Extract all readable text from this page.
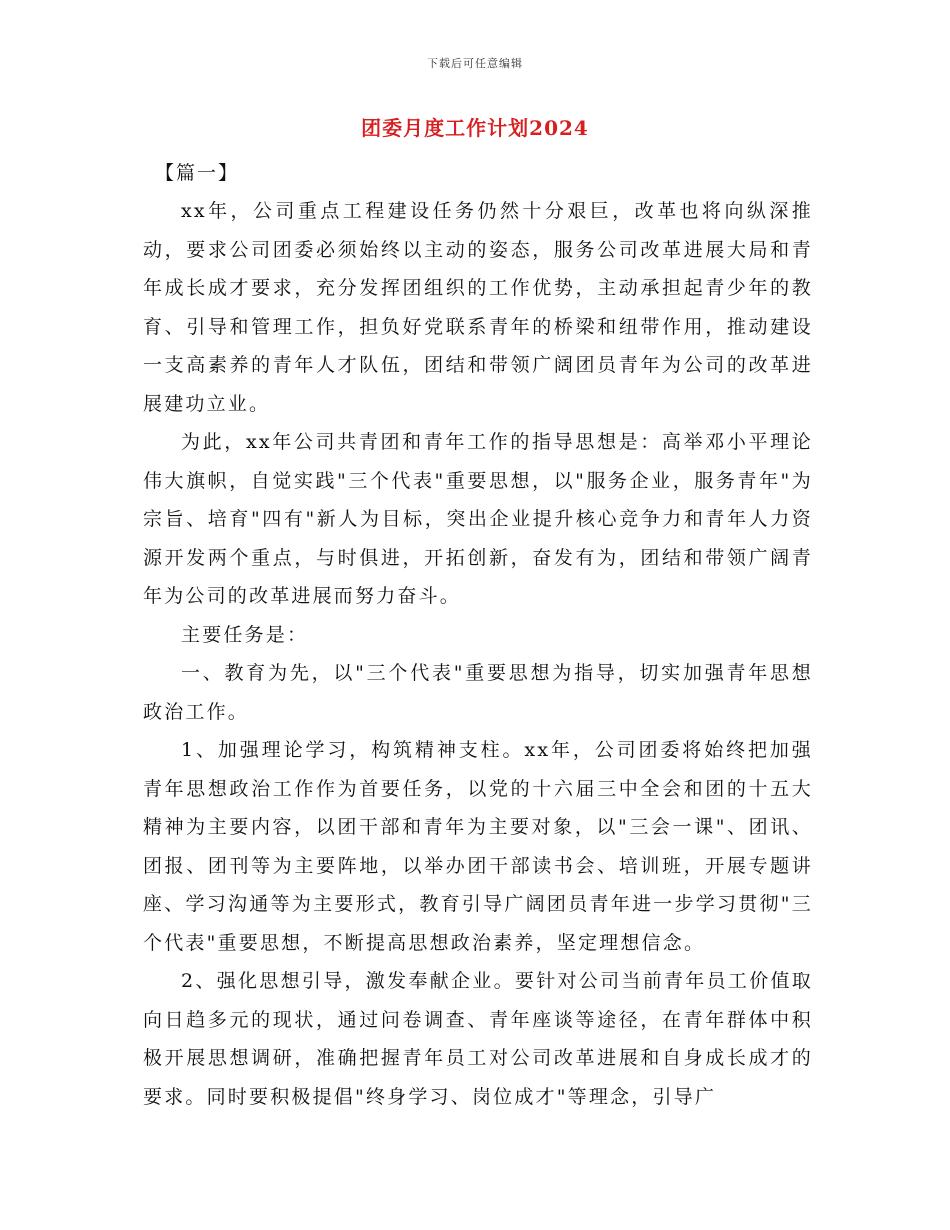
下载后可任意编辑
团委月度工作计划2024
【篇一】

xx年，公司重点工程建设任务仍然十分艰巨，改革也将向纵深推动，要求公司团委必须始终以主动的姿态，服务公司改革进展大局和青年成长成才要求，充分发挥团组织的工作优势，主动承担起青少年的教育、引导和管理工作，担负好党联系青年的桥梁和纽带作用，推动建设一支高素养的青年人才队伍，团结和带领广阔团员青年为公司的改革进展建功立业。

为此，xx年公司共青团和青年工作的指导思想是：高举邓小平理论伟大旗帜，自觉实践"三个代表"重要思想，以"服务企业，服务青年"为宗旨、培育"四有"新人为目标，突出企业提升核心竞争力和青年人力资源开发两个重点，与时俱进，开拓创新，奋发有为，团结和带领广阔青年为公司的改革进展而努力奋斗。

主要任务是：

一、教育为先，以"三个代表"重要思想为指导，切实加强青年思想政治工作。

1、加强理论学习，构筑精神支柱。xx年，公司团委将始终把加强青年思想政治工作作为首要任务，以党的十六届三中全会和团的十五大精神为主要内容，以团干部和青年为主要对象，以"三会一课"、团讯、团报、团刊等为主要阵地，以举办团干部读书会、培训班，开展专题讲座、学习沟通等为主要形式，教育引导广阔团员青年进一步学习贯彻"三个代表"重要思想，不断提高思想政治素养，坚定理想信念。

2、强化思想引导，激发奉献企业。要针对公司当前青年员工价值取向日趋多元的现状，通过问卷调查、青年座谈等途径，在青年群体中积极开展思想调研，准确把握青年员工对公司改革进展和自身成长成才的要求。同时要积极提倡"终身学习、岗位成才"等理念，引导广
